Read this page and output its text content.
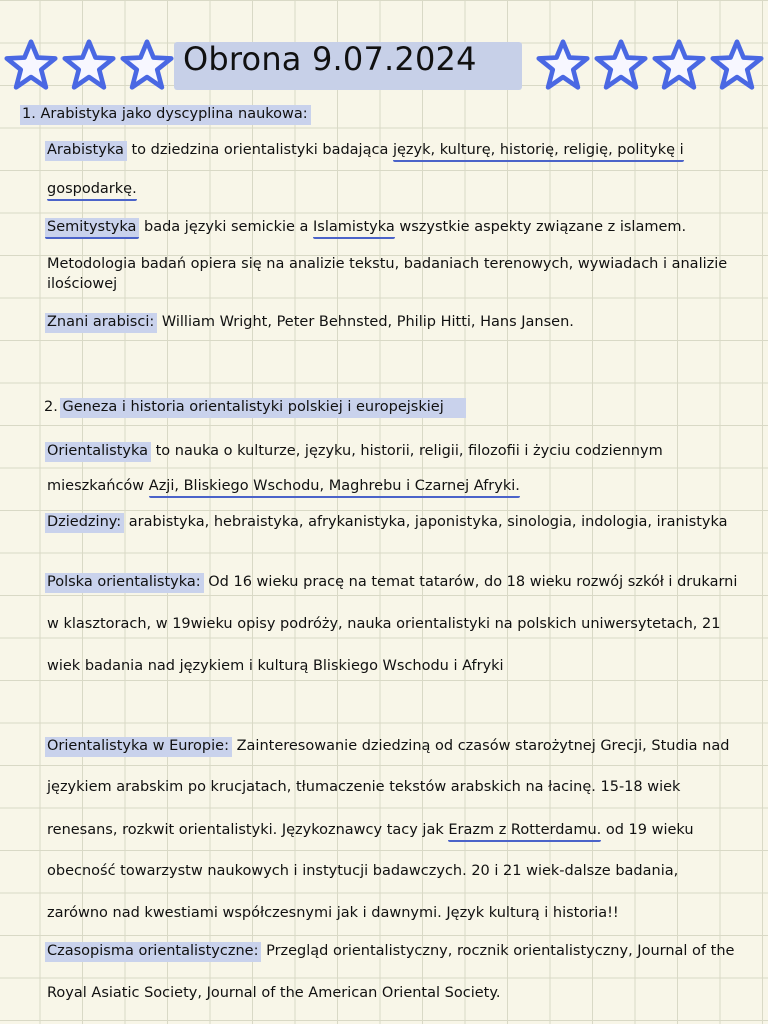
Obrona 9.07.2024
1. Arabistyka jako dyscyplina naukowa:
Arabistyka to dziedzina orientalistyki badająca język, kulturę, historię, religię, politykę i
gospodarkę.
Semitystyka bada języki semickie a Islamistyka wszystkie aspekty związane z islamem.
Metodologia badań opiera się na analizie tekstu, badaniach terenowych, wywiadach i analizie ilościowej
Znani arabisci: William Wright, Peter Behnsted, Philip Hitti, Hans Jansen.
2. Geneza i historia orientalistyki polskiej i europejskiej
Orientalistyka to nauka o kulturze, języku, historii, religii, filozofii i życiu codziennym
mieszkańców Azji, Bliskiego Wschodu, Maghrebu i Czarnej Afryki.
Dziedziny: arabistyka, hebraistyka, afrykanistyka, japonistyka, sinologia, indologia, iranistyka
Polska orientalistyka: Od 16 wieku pracę na temat tatarów, do 18 wieku rozwój szkół i drukarni
w klasztorach, w 19wieku opisy podróży, nauka orientalistyki na polskich uniwersytetach, 21
wiek badania nad językiem i kulturą Bliskiego Wschodu i Afryki
Orientalistyka w Europie: Zainteresowanie dziedziną od czasów starożytnej Grecji, Studia nad
językiem arabskim po krucjatach, tłumaczenie tekstów arabskich na łacinę. 15-18 wiek
renesans, rozkwit orientalistyki. Językoznawcy tacy jak Erazm z Rotterdamu. od 19 wieku
obecność towarzystw naukowych i instytucji badawczych. 20 i 21 wiek-dalsze badania,
zarówno nad kwestiami współczesnymi jak i dawnymi. Język kulturą i historia!!
Czasopisma orientalistyczne: Przegląd orientalistyczny, rocznik orientalistyczny, Journal of the
Royal Asiatic Society, Journal of the American Oriental Society.
